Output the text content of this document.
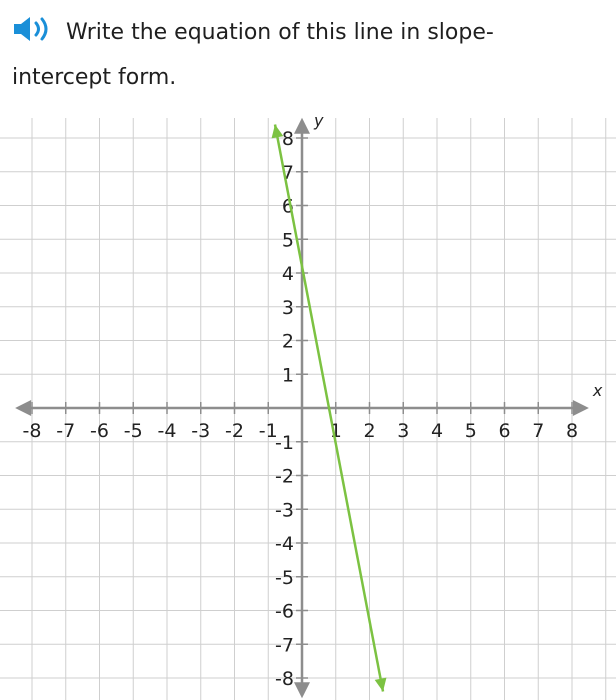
Write the equation of this line in slope-
intercept form.
-8 -7 -6 -5 -4 -3 -2 -1	1 2 3 4 5 6 7 8
-8
-7
-6
-5
-4
-3
-2
-1
1
2
3
4
5
6
7
8
x
y
